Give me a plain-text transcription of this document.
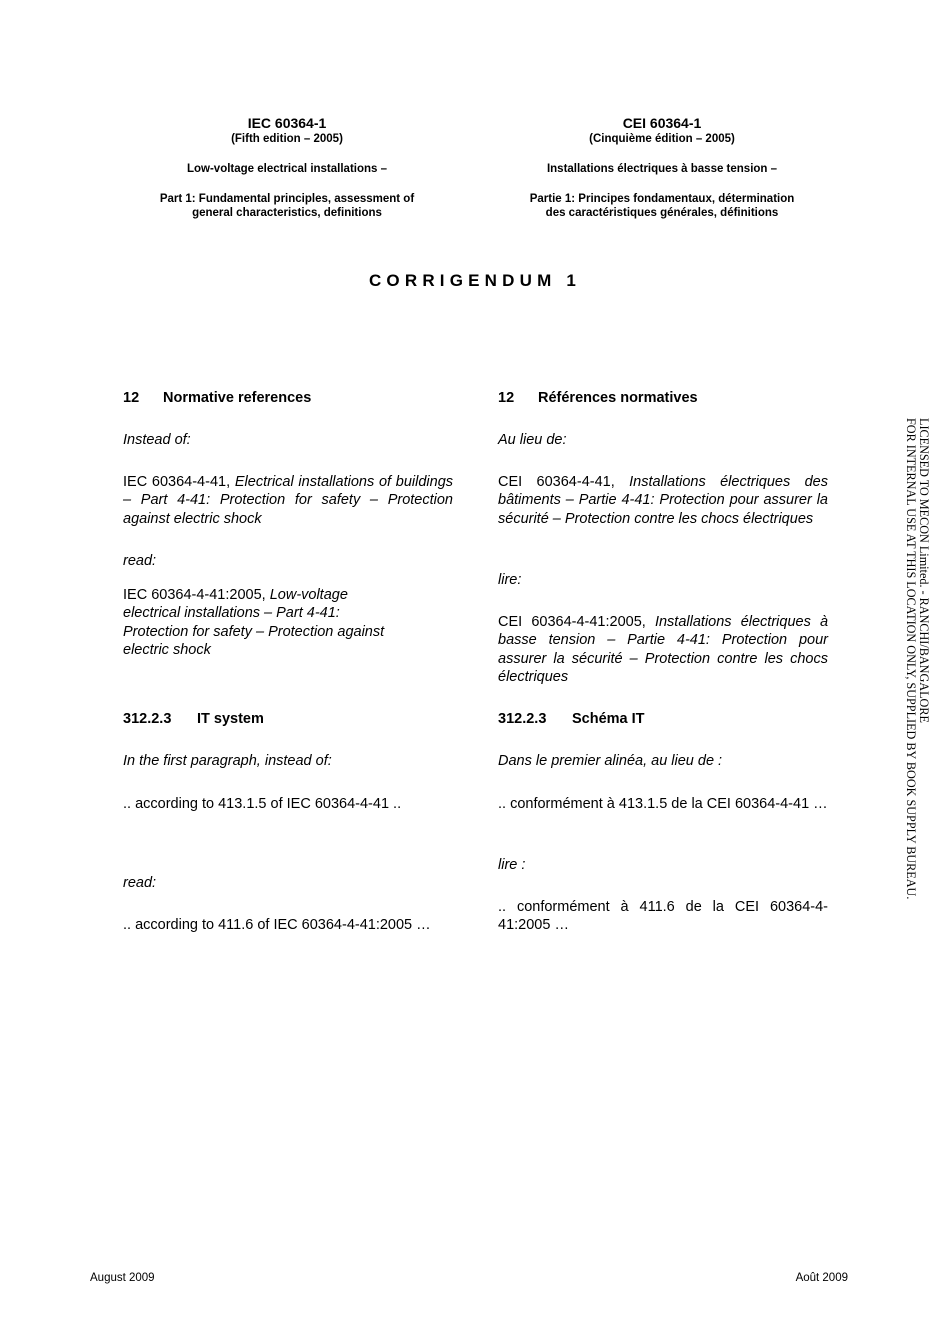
IEC 60364-1
(Fifth edition – 2005)
Low-voltage electrical installations –
Part 1: Fundamental principles, assessment of
general characteristics, definitions
CEI 60364-1
(Cinquième édition – 2005)
Installations électriques à basse tension –
Partie 1: Principes fondamentaux, détermination
des caractéristiques générales, définitions
CORRIGENDUM 1
12 Normative references
Instead of:
IEC 60364-4-41, Electrical installations of buildings – Part 4-41: Protection for safety – Protection against electric shock
read:
IEC 60364-4-41:2005, Low-voltage
electrical installations – Part 4-41:
Protection for safety – Protection against
electric shock
312.2.3 IT system
In the first paragraph, instead of:
.. according to 413.1.5 of IEC 60364-4-41 ..
read:
.. according to 411.6 of IEC 60364-4-41:2005 …
12 Références normatives
Au lieu de:
CEI 60364-4-41, Installations électriques des bâtiments – Partie 4-41: Protection pour assurer la sécurité – Protection contre les chocs électriques
lire:
CEI 60364-4-41:2005, Installations électriques à basse tension – Partie 4-41: Protection pour assurer la sécurité – Protection contre les chocs électriques
312.2.3 Schéma IT
Dans le premier alinéa, au lieu de :
.. conformément à 413.1.5 de la CEI 60364-4-41 …
lire :
.. conformément à 411.6 de la CEI 60364-4-41:2005 …
LICENSED TO MECON Limited. - RANCHI/BANGALORE
FOR INTERNAL USE AT THIS LOCATION ONLY, SUPPLIED BY BOOK SUPPLY BUREAU.
August 2009	Août 2009
